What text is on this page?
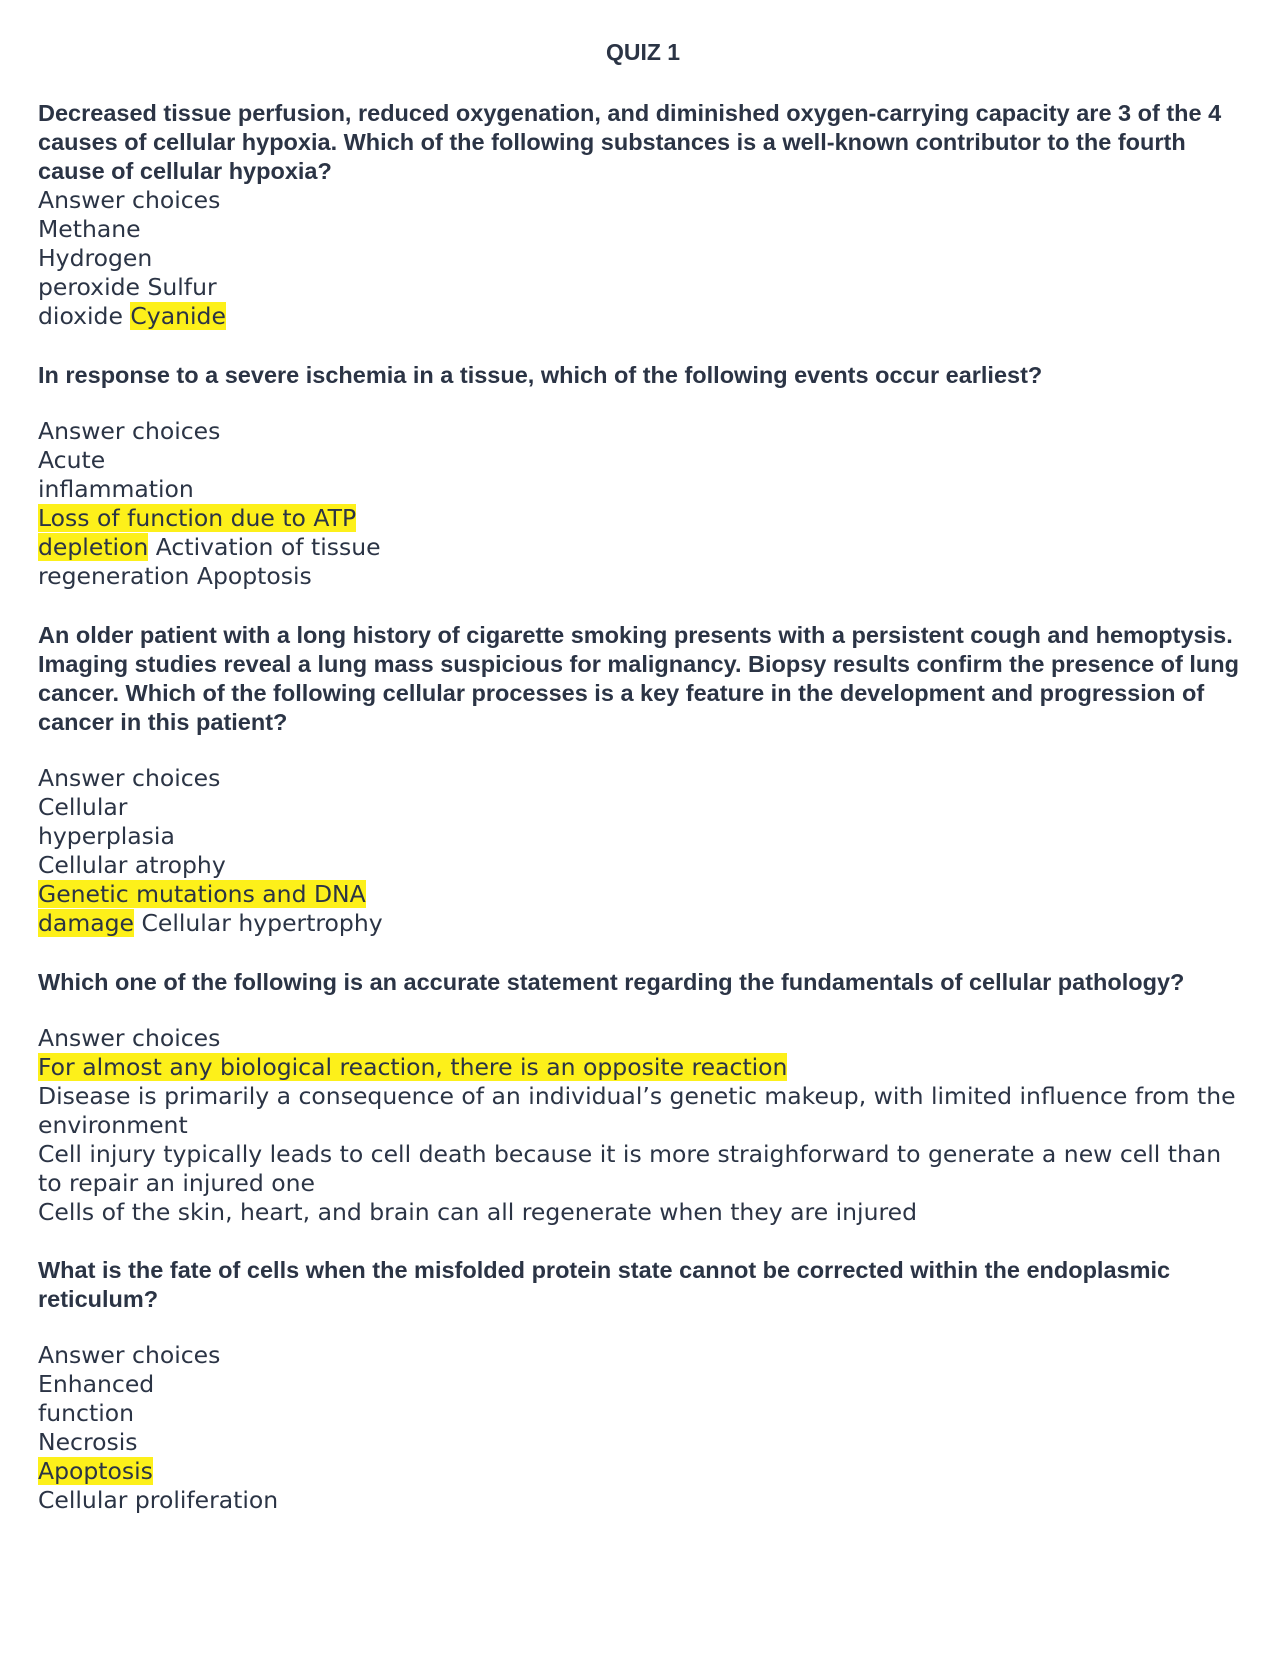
QUIZ 1

Decreased tissue perfusion, reduced oxygenation, and diminished oxygen-carrying capacity are 3 of the 4 causes of cellular hypoxia. Which of the following substances is a well-known contributor to the fourth cause of cellular hypoxia?

Answer choices
Methane
Hydrogen
peroxide Sulfur
dioxide Cyanide

In response to a severe ischemia in a tissue, which of the following events occur earliest?

Answer choices
Acute
inflammation
Loss of function due to ATP
depletion Activation of tissue
regeneration Apoptosis

An older patient with a long history of cigarette smoking presents with a persistent cough and hemoptysis. Imaging studies reveal a lung mass suspicious for malignancy. Biopsy results confirm the presence of lung cancer. Which of the following cellular processes is a key feature in the development and progression of cancer in this patient?

Answer choices
Cellular
hyperplasia
Cellular atrophy
Genetic mutations and DNA
damage Cellular hypertrophy

Which one of the following is an accurate statement regarding the fundamentals of cellular pathology?

Answer choices
For almost any biological reaction, there is an opposite reaction
Disease is primarily a consequence of an individual’s genetic makeup, with limited influence from the environment
Cell injury typically leads to cell death because it is more straighforward to generate a new cell than to repair an injured one
Cells of the skin, heart, and brain can all regenerate when they are injured

What is the fate of cells when the misfolded protein state cannot be corrected within the endoplasmic reticulum?

Answer choices
Enhanced
function
Necrosis
Apoptosis
Cellular proliferation
